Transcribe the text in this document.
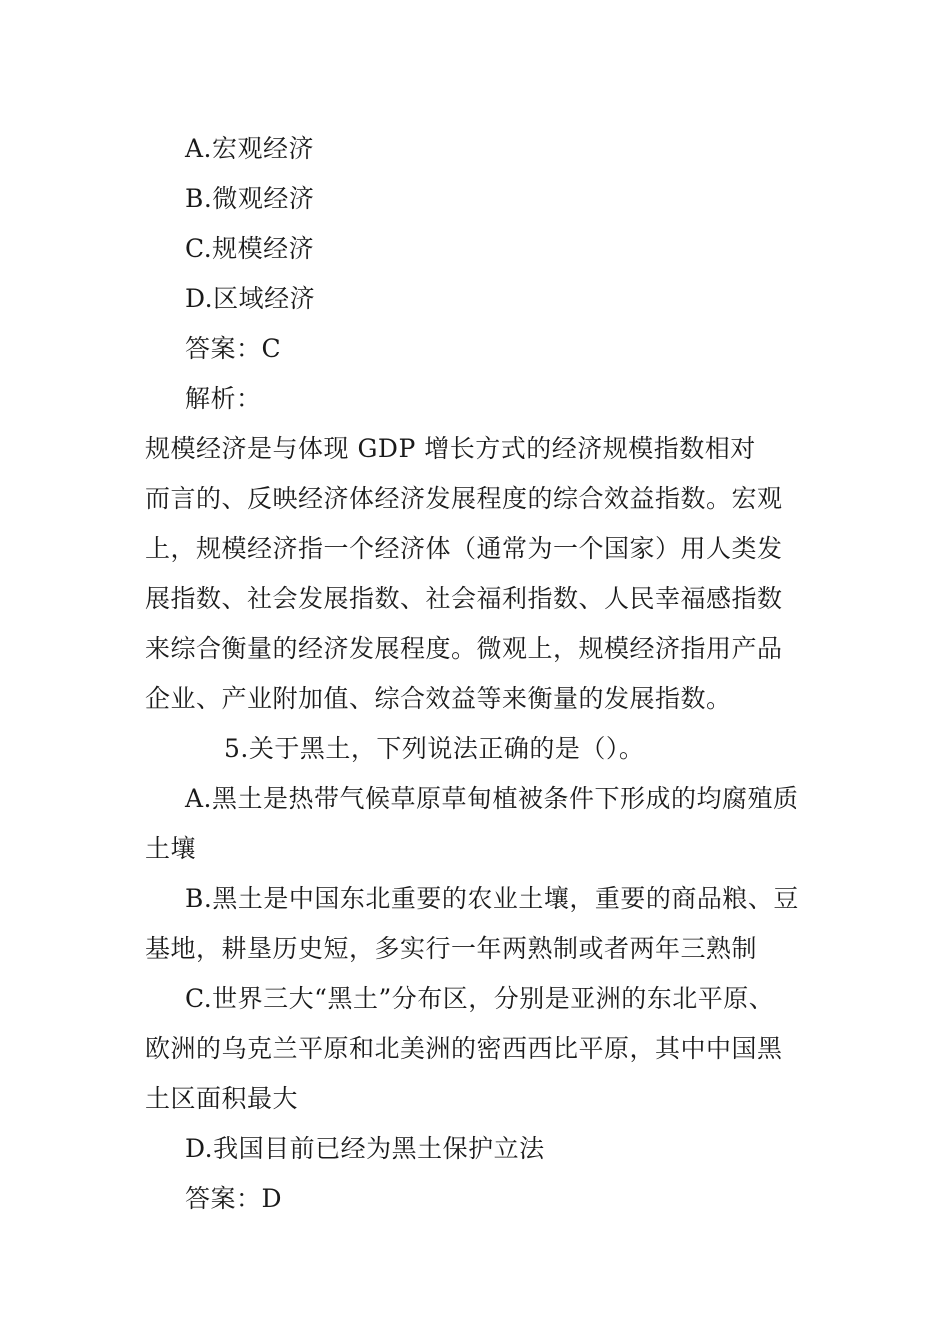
A.宏观经济
B.微观经济
C.规模经济
D.区域经济
答案：C
解析：
规模经济是与体现 GDP 增长方式的经济规模指数相对
而言的、反映经济体经济发展程度的综合效益指数。宏观
上，规模经济指一个经济体（通常为一个国家）用人类发
展指数、社会发展指数、社会福利指数、人民幸福感指数
来综合衡量的经济发展程度。微观上，规模经济指用产品
企业、产业附加值、综合效益等来衡量的发展指数。
5.关于黑土，下列说法正确的是（）。
A.黑土是热带气候草原草甸植被条件下形成的均腐殖质
土壤
B.黑土是中国东北重要的农业土壤，重要的商品粮、豆
基地，耕垦历史短，多实行一年两熟制或者两年三熟制
C.世界三大“黑土”分布区，分别是亚洲的东北平原、
欧洲的乌克兰平原和北美洲的密西西比平原，其中中国黑
土区面积最大
D.我国目前已经为黑土保护立法
答案：D
